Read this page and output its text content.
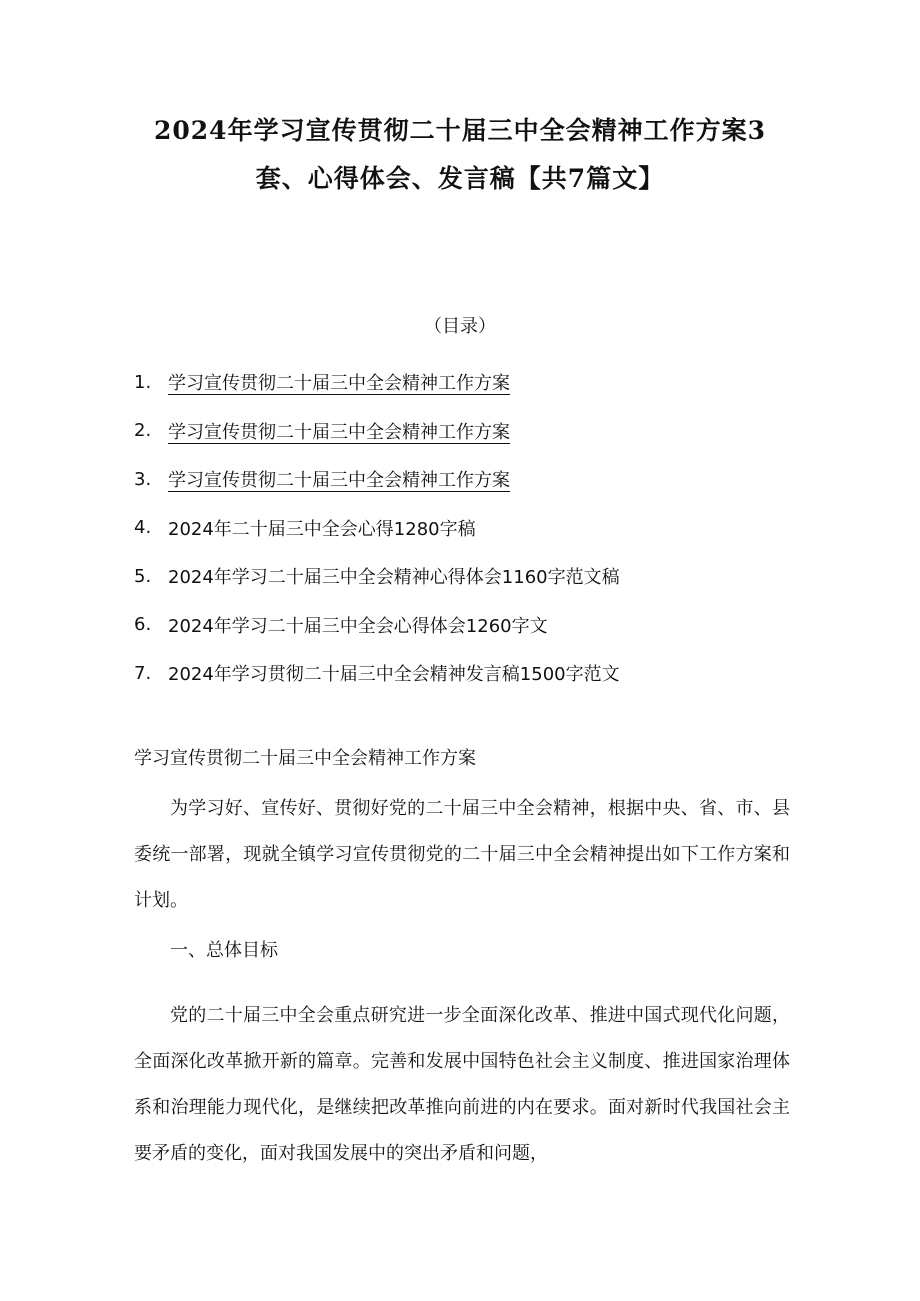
2024年学习宣传贯彻二十届三中全会精神工作方案3
套、心得体会、发言稿【共7篇文】
（目录）
1. 学习宣传贯彻二十届三中全会精神工作方案
2. 学习宣传贯彻二十届三中全会精神工作方案
3. 学习宣传贯彻二十届三中全会精神工作方案
4. 2024年二十届三中全会心得1280字稿
5. 2024年学习二十届三中全会精神心得体会1160字范文稿
6. 2024年学习二十届三中全会心得体会1260字文
7. 2024年学习贯彻二十届三中全会精神发言稿1500字范文
学习宣传贯彻二十届三中全会精神工作方案

为学习好、宣传好、贯彻好党的二十届三中全会精神，根据中央、省、市、县委统一部署，现就全镇学习宣传贯彻党的二十届三中全会精神提出如下工作方案和计划。

一、总体目标

党的二十届三中全会重点研究进一步全面深化改革、推进中国式现代化问题，全面深化改革掀开新的篇章。完善和发展中国特色社会主义制度、推进国家治理体系和治理能力现代化，是继续把改革推向前进的内在要求。面对新时代我国社会主要矛盾的变化，面对我国发展中的突出矛盾和问题，
